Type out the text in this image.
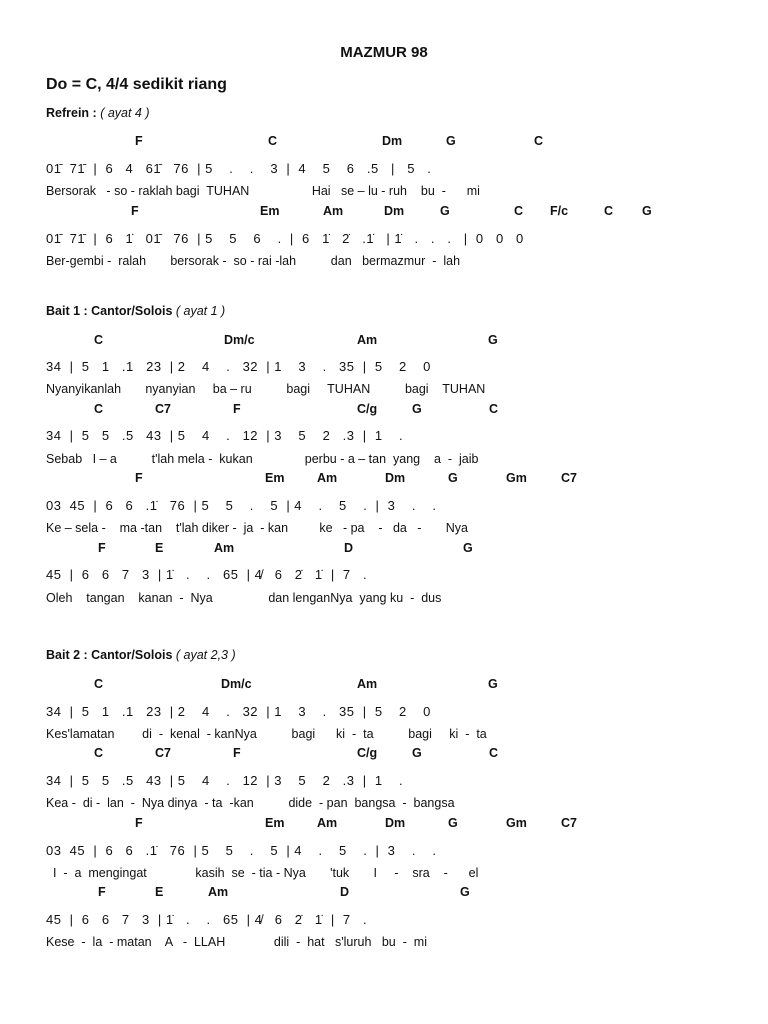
MAZMUR 98
Do = C, 4/4 sedikit riang
Refrein : ( ayat 4 )
F	C	Dm	G	C
01̄  71̄  |  6   4   61̄   76  | 5    .    .    3  |  4    5    6   .5   |   5   .
Bersorak   - so - raklah bagi  TUHAN                  Hai   se – lu - ruh    bu  -      mi
F	Em	Am	Dm	G	C F/c	C G
01̄  71̄  |  6   1̇   01̄   76  | 5    5    6    .  |  6   1̇   2̇   .1̇   | 1̇   .   .   .   |  0   0   0
Ber-gembi -  ralah       bersorak -  so - rai -lah          dan   bermazmur  -  lah
Bait 1 : Cantor/Solois ( ayat 1 )
C	Dm/c	Am	G
34  |  5   1   .1   23  | 2    4    .   32  | 1    3    .   35  |  5    2    0
Nyanyikanlah       nyanyian     ba – ru          bagi     TUHAN          bagi    TUHAN
C	C7	F	C/g	G	C
34  |  5   5   .5   43  | 5    4    .   12  | 3    5    2   .3  |  1    .
Sebab   I – a          t'lah mela -  kukan               perbu - a – tan  yang    a  -  jaib
F	Em	Am	Dm	G	Gm	C7
03  45  |  6   6   .1̇   76  | 5    5    .    5  | 4    .    5    .  |  3    .    .
Ke – sela -    ma -tan    t'lah diker -  ja  - kan         ke   - pa    -   da   -       Nya
F	E	Am	D	G
45  |  6   6   7   3  | 1̇   .    .   65  | 4̸   6   2̇   1̇  |  7   .
Oleh    tangan    kanan  -  Nya                dan lenganNya  yang ku  -  dus
Bait 2 : Cantor/Solois ( ayat 2,3 )
C	Dm/c	Am	G
34  |  5   1   .1   23  | 2    4    .   32  | 1    3    .   35  |  5    2    0
Kes'lamatan        di  -  kenal  - kanNya          bagi      ki  -  ta          bagi     ki  -  ta
C	C7	F	C/g	G	C
34  |  5   5   .5   43  | 5    4    .   12  | 3    5    2   .3  |  1    .
Kea -  di -  lan  -  Nya dinya  - ta  -kan          dide  - pan  bangsa  -  bangsa
F	Em	Am	Dm	G	Gm	C7
03  45  |  6   6   .1̇   76  | 5    5    .    5  | 4    .    5    .  |  3    .    .
I  -  a  mengingat              kasih  se  - tia - Nya       'tuk       I     -    sra    -      el
F	E	Am	D	G
45  |  6   6   7   3  | 1̇   .    .   65  | 4̸   6   2̇   1̇  |  7   .
Kese  -  la  - matan    A   -  LLAH              dili  -  hat   s'luruh   bu  -  mi
